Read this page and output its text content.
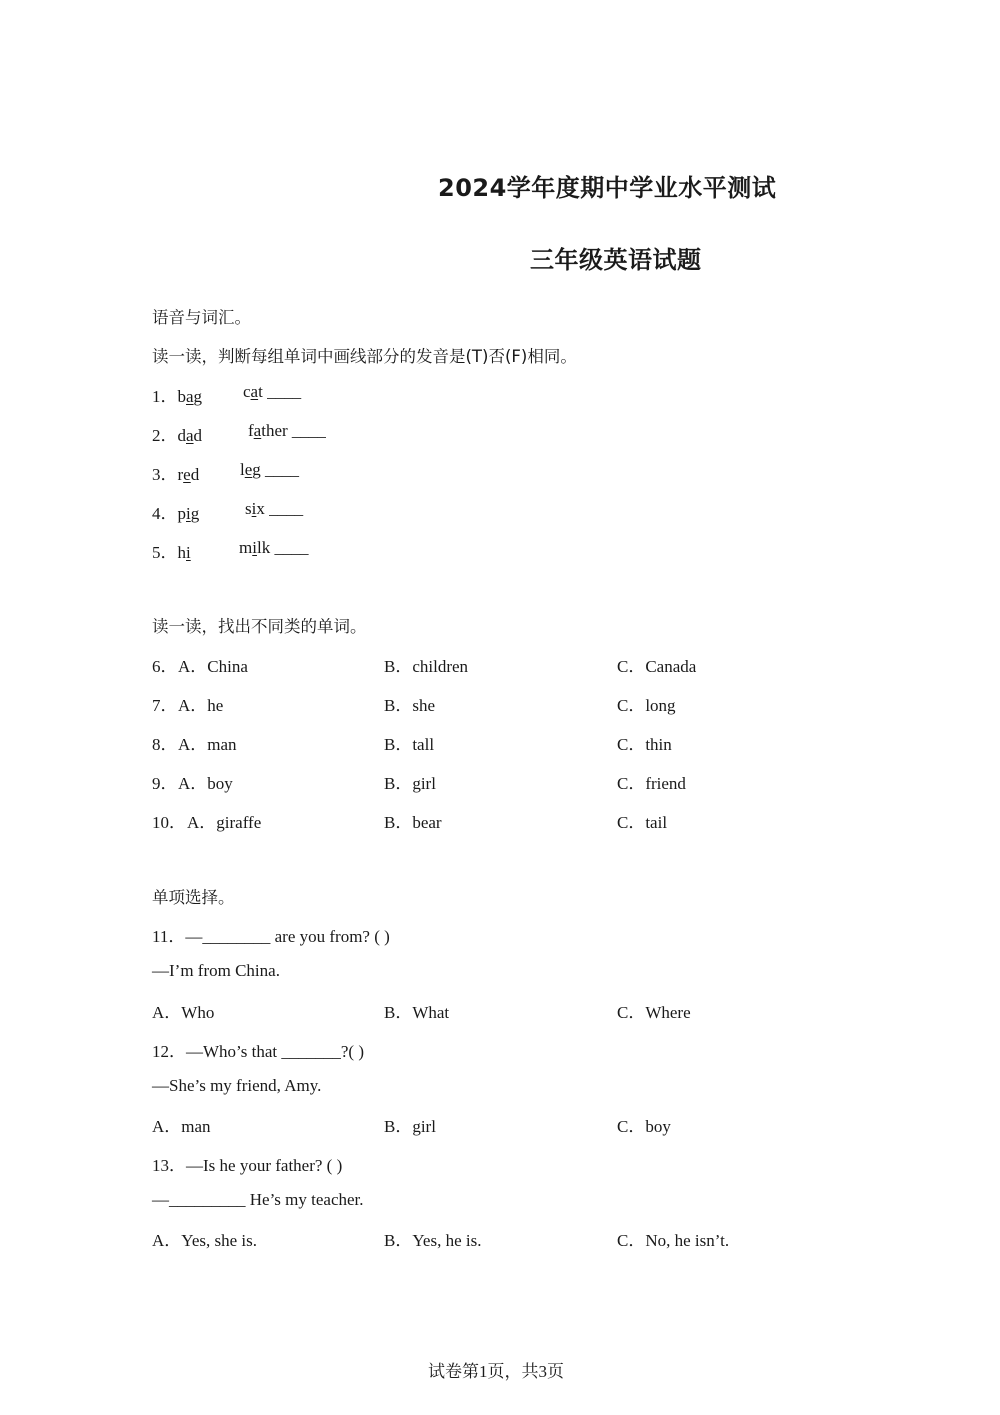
2024学年度期中学业水平测试
三年级英语试题
语音与词汇。
读一读，判断每组单词中画线部分的发音是(T)否(F)相同。
1．bag cat ____
2．dad	father ____
3．red leg ____
4．pig	six ____
5．hi	milk ____
读一读，找出不同类的单词。
6． A．China	B．children	C．Canada
7． A．he	B．she	C．long
8． A．man	B．tall	C．thin
9． A．boy	B．girl	C．friend
10． A．giraffe	B．bear	C．tail
单项选择。
11．—________ are you from? ( )
—I’m from China.
A．Who	B．What	C．Where
12．—Who’s that _______?( )
—She’s my friend, Amy.
A．man	B．girl	C．boy
13．—Is he your father? ( )
—_________ He’s my teacher.
A．Yes, she is.	B．Yes, he is.	C．No, he isn’t.
试卷第1页，共3页
